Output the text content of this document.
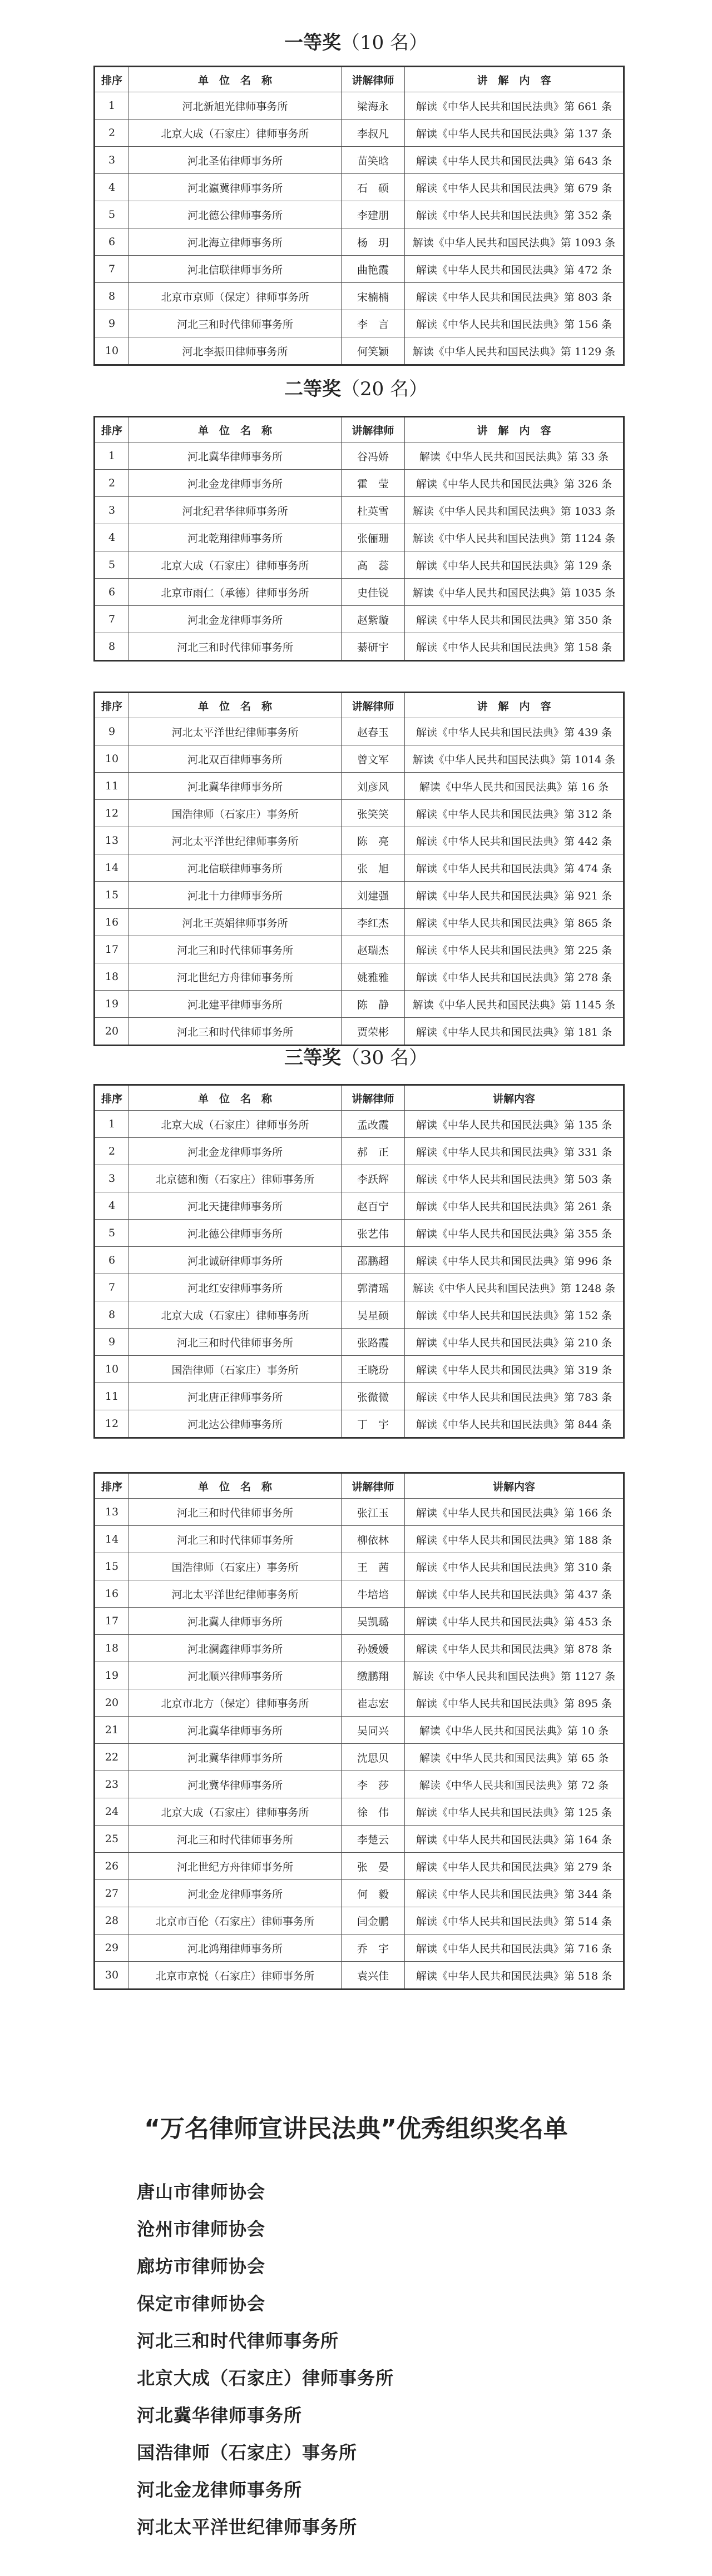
一等奖（10 名）
排序	单　位　名　称	讲解律师	讲　解　内　容
1	河北新旭光律师事务所	梁海永	解读《中华人民共和国民法典》第 661 条
2	北京大成（石家庄）律师事务所	李叔凡	解读《中华人民共和国民法典》第 137 条
3	河北圣佑律师事务所	苗笑晗	解读《中华人民共和国民法典》第 643 条
4	河北瀛冀律师事务所	石　硕	解读《中华人民共和国民法典》第 679 条
5	河北德公律师事务所	李建朋	解读《中华人民共和国民法典》第 352 条
6	河北海立律师事务所	杨　玥	解读《中华人民共和国民法典》第 1093 条
7	河北信联律师事务所	曲艳霞	解读《中华人民共和国民法典》第 472 条
8	北京市京师（保定）律师事务所	宋楠楠	解读《中华人民共和国民法典》第 803 条
9	河北三和时代律师事务所	李　言	解读《中华人民共和国民法典》第 156 条
10	河北李振田律师事务所	何笑颖	解读《中华人民共和国民法典》第 1129 条
二等奖（20 名）
排序	单　位　名　称	讲解律师	讲　解　内　容
1	河北冀华律师事务所	谷冯娇	解读《中华人民共和国民法典》第 33 条
2	河北金龙律师事务所	霍　莹	解读《中华人民共和国民法典》第 326 条
3	河北纪君华律师事务所	杜英雪	解读《中华人民共和国民法典》第 1033 条
4	河北乾翔律师事务所	张俪珊	解读《中华人民共和国民法典》第 1124 条
5	北京大成（石家庄）律师事务所	高　蕊	解读《中华人民共和国民法典》第 129 条
6	北京市雨仁（承德）律师事务所	史佳锐	解读《中华人民共和国民法典》第 1035 条
7	河北金龙律师事务所	赵紫璇	解读《中华人民共和国民法典》第 350 条
8	河北三和时代律师事务所	綦研宇	解读《中华人民共和国民法典》第 158 条
排序	单　位　名　称	讲解律师	讲　解　内　容
9	河北太平洋世纪律师事务所	赵春玉	解读《中华人民共和国民法典》第 439 条
10	河北双百律师事务所	曾文军	解读《中华人民共和国民法典》第 1014 条
11	河北冀华律师事务所	刘彦风	解读《中华人民共和国民法典》第 16 条
12	国浩律师（石家庄）事务所	张笑笑	解读《中华人民共和国民法典》第 312 条
13	河北太平洋世纪律师事务所	陈　亮	解读《中华人民共和国民法典》第 442 条
14	河北信联律师事务所	张　旭	解读《中华人民共和国民法典》第 474 条
15	河北十力律师事务所	刘建强	解读《中华人民共和国民法典》第 921 条
16	河北王英娟律师事务所	李红杰	解读《中华人民共和国民法典》第 865 条
17	河北三和时代律师事务所	赵瑞杰	解读《中华人民共和国民法典》第 225 条
18	河北世纪方舟律师事务所	姚雅雅	解读《中华人民共和国民法典》第 278 条
19	河北建平律师事务所	陈　静	解读《中华人民共和国民法典》第 1145 条
20	河北三和时代律师事务所	贾荣彬	解读《中华人民共和国民法典》第 181 条
三等奖（30 名）
排序	单　位　名　称	讲解律师	讲解内容
1	北京大成（石家庄）律师事务所	孟改霞	解读《中华人民共和国民法典》第 135 条
2	河北金龙律师事务所	郝　正	解读《中华人民共和国民法典》第 331 条
3	北京德和衡（石家庄）律师事务所	李跃辉	解读《中华人民共和国民法典》第 503 条
4	河北天捷律师事务所	赵百宁	解读《中华人民共和国民法典》第 261 条
5	河北德公律师事务所	张艺伟	解读《中华人民共和国民法典》第 355 条
6	河北诚研律师事务所	邵鹏超	解读《中华人民共和国民法典》第 996 条
7	河北红安律师事务所	郭清瑶	解读《中华人民共和国民法典》第 1248 条
8	北京大成（石家庄）律师事务所	吴星硕	解读《中华人民共和国民法典》第 152 条
9	河北三和时代律师事务所	张路霞	解读《中华人民共和国民法典》第 210 条
10	国浩律师（石家庄）事务所	王晓玢	解读《中华人民共和国民法典》第 319 条
11	河北唐正律师事务所	张微微	解读《中华人民共和国民法典》第 783 条
12	河北达公律师事务所	丁　宇	解读《中华人民共和国民法典》第 844 条
排序	单　位　名　称	讲解律师	讲解内容
13	河北三和时代律师事务所	张江玉	解读《中华人民共和国民法典》第 166 条
14	河北三和时代律师事务所	柳依林	解读《中华人民共和国民法典》第 188 条
15	国浩律师（石家庄）事务所	王　茜	解读《中华人民共和国民法典》第 310 条
16	河北太平洋世纪律师事务所	牛培培	解读《中华人民共和国民法典》第 437 条
17	河北冀人律师事务所	吴凯璐	解读《中华人民共和国民法典》第 453 条
18	河北澜鑫律师事务所	孙媛媛	解读《中华人民共和国民法典》第 878 条
19	河北顺兴律师事务所	缴鹏翔	解读《中华人民共和国民法典》第 1127 条
20	北京市北方（保定）律师事务所	崔志宏	解读《中华人民共和国民法典》第 895 条
21	河北冀华律师事务所	吴同兴	解读《中华人民共和国民法典》第 10 条
22	河北冀华律师事务所	沈思贝	解读《中华人民共和国民法典》第 65 条
23	河北冀华律师事务所	李　莎	解读《中华人民共和国民法典》第 72 条
24	北京大成（石家庄）律师事务所	徐　伟	解读《中华人民共和国民法典》第 125 条
25	河北三和时代律师事务所	李楚云	解读《中华人民共和国民法典》第 164 条
26	河北世纪方舟律师事务所	张　晏	解读《中华人民共和国民法典》第 279 条
27	河北金龙律师事务所	何　毅	解读《中华人民共和国民法典》第 344 条
28	北京市百伦（石家庄）律师事务所	闫金鹏	解读《中华人民共和国民法典》第 514 条
29	河北鸿翔律师事务所	乔　宇	解读《中华人民共和国民法典》第 716 条
30	北京市京悦（石家庄）律师事务所	袁兴佳	解读《中华人民共和国民法典》第 518 条
“万名律师宣讲民法典”优秀组织奖名单
唐山市律师协会
沧州市律师协会
廊坊市律师协会
保定市律师协会
河北三和时代律师事务所
北京大成（石家庄）律师事务所
河北冀华律师事务所
国浩律师（石家庄）事务所
河北金龙律师事务所
河北太平洋世纪律师事务所
